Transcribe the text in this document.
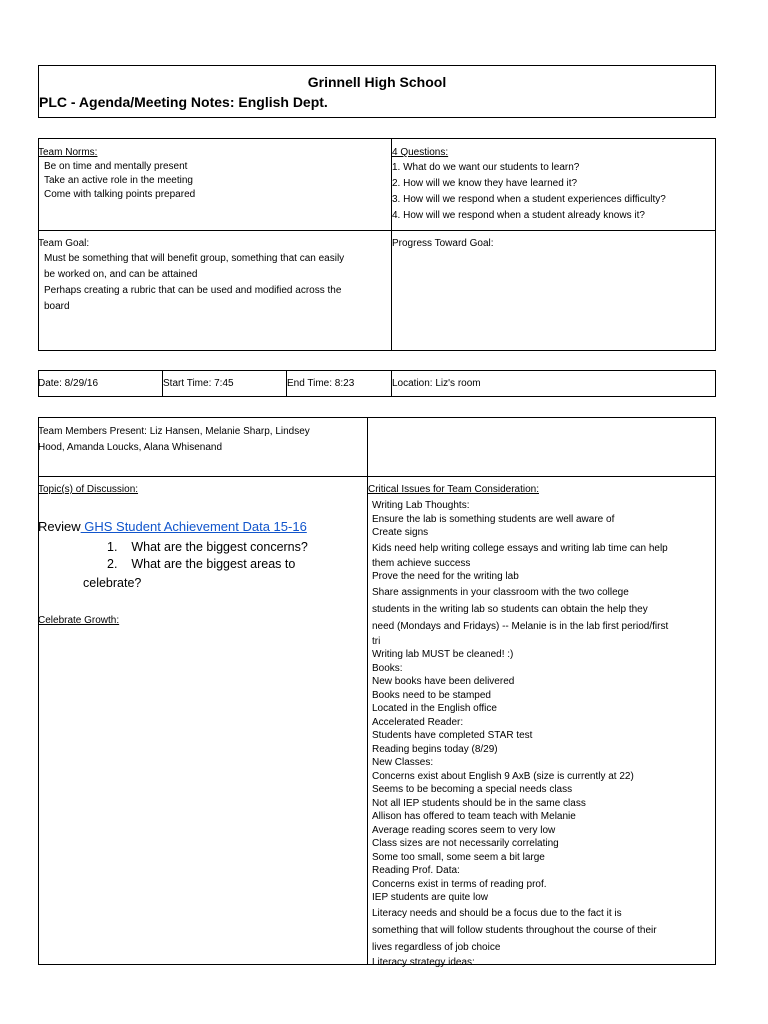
Grinnell High School
PLC - Agenda/Meeting Notes: English Dept.
Team Norms:
Be on time and mentally present
Take an active role in the meeting
Come with talking points prepared
4 Questions:
1. What do we want our students to learn?
2. How will we know they have learned it?
3. How will we respond when a student experiences difficulty?
4. How will we respond when a student already knows it?
Team Goal:
Must be something that will benefit group, something that can easily
be worked on, and can be attained
Perhaps creating a rubric that can be used and modified across the
board
Progress Toward Goal:
Date: 8/29/16	Start Time: 7:45	End Time: 8:23	Location: Liz's room
Team Members Present: Liz Hansen, Melanie Sharp, Lindsey
Hood, Amanda Loucks, Alana Whisenand
Topic(s) of Discussion:
Review GHS Student Achievement Data 15-16
1. What are the biggest concerns?
2. What are the biggest areas to
celebrate?
Celebrate Growth:
Critical Issues for Team Consideration:
Writing Lab Thoughts:
Ensure the lab is something students are well aware of
Create signs
Kids need help writing college essays and writing lab time can help
them achieve success
Prove the need for the writing lab
Share assignments in your classroom with the two college
students in the writing lab so students can obtain the help they
need (Mondays and Fridays) -- Melanie is in the lab first period/first
tri
Writing lab MUST be cleaned! :)
Books:
New books have been delivered
Books need to be stamped
Located in the English office
Accelerated Reader:
Students have completed STAR test
Reading begins today (8/29)
New Classes:
Concerns exist about English 9 AxB (size is currently at 22)
Seems to be becoming a special needs class
Not all IEP students should be in the same class
Allison has offered to team teach with Melanie
Average reading scores seem to very low
Class sizes are not necessarily correlating
Some too small, some seem a bit large
Reading Prof. Data:
Concerns exist in terms of reading prof.
IEP students are quite low
Literacy needs and should be a focus due to the fact it is
something that will follow students throughout the course of their
lives regardless of job choice
Literacy strategy ideas:
